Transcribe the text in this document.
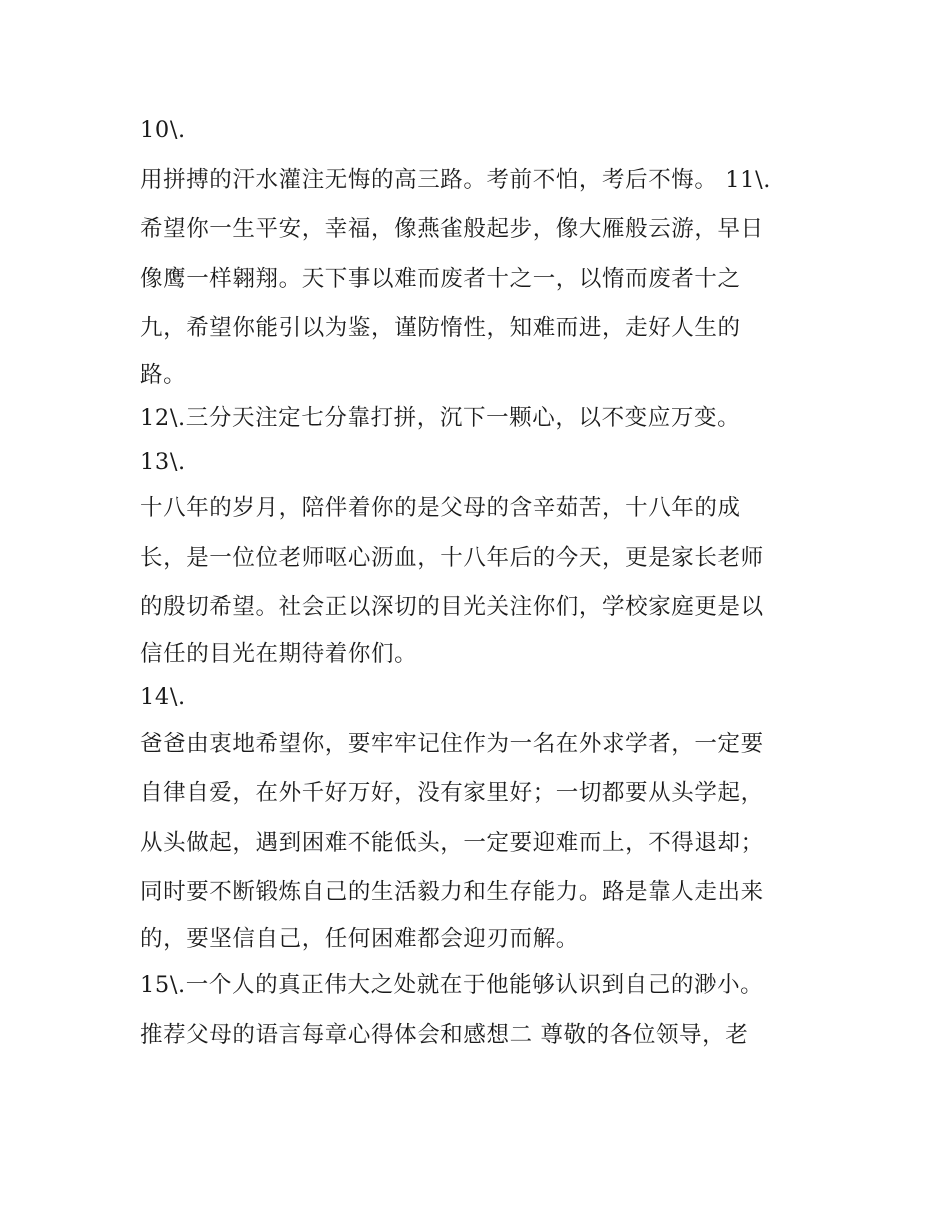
10\.
用拼搏的汗水灌注无悔的高三路。考前不怕，考后不悔。 11\.
希望你一生平安，幸福，像燕雀般起步，像大雁般云游，早日
像鹰一样翱翔。天下事以难而废者十之一，以惰而废者十之
九，希望你能引以为鉴，谨防惰性，知难而进，走好人生的
路。
12\.三分天注定七分靠打拼，沉下一颗心，以不变应万变。
13\.
十八年的岁月，陪伴着你的是父母的含辛茹苦，十八年的成
长，是一位位老师呕心沥血，十八年后的今天，更是家长老师
的殷切希望。社会正以深切的目光关注你们，学校家庭更是以
信任的目光在期待着你们。
14\.
爸爸由衷地希望你，要牢牢记住作为一名在外求学者，一定要
自律自爱，在外千好万好，没有家里好；一切都要从头学起，
从头做起，遇到困难不能低头，一定要迎难而上，不得退却；
同时要不断锻炼自己的生活毅力和生存能力。路是靠人走出来
的，要坚信自己，任何困难都会迎刃而解。
15\.一个人的真正伟大之处就在于他能够认识到自己的渺小。
推荐父母的语言每章心得体会和感想二 尊敬的各位领导，老
